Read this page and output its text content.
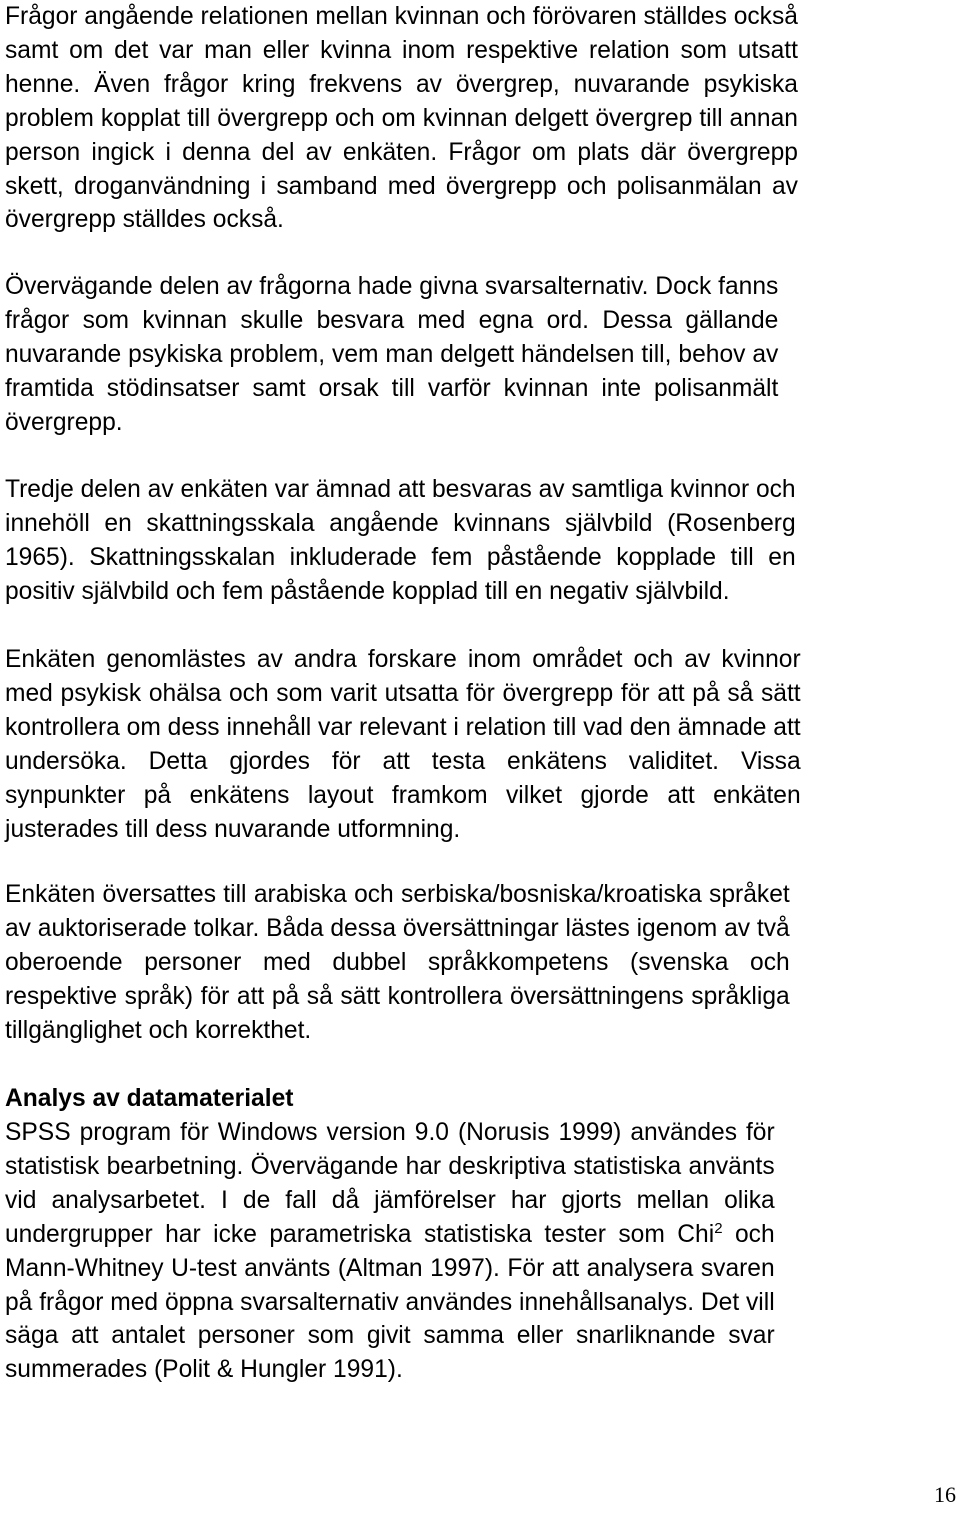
Frågor angående relationen mellan kvinnan och förövaren ställdes också
samt om det var man eller kvinna inom respektive relation som utsatt
henne. Även frågor kring frekvens av övergrep, nuvarande psykiska
problem kopplat till övergrepp och om kvinnan delgett övergrep till annan
person ingick i denna del av enkäten. Frågor om plats där övergrepp
skett, droganvändning i samband med övergrepp och polisanmälan av
övergrepp ställdes också.

Övervägande delen av frågorna hade givna svarsalternativ. Dock fanns
frågor som kvinnan skulle besvara med egna ord. Dessa gällande
nuvarande psykiska problem, vem man delgett händelsen till, behov av
framtida stödinsatser samt orsak till varför kvinnan inte polisanmält
övergrepp.

Tredje delen av enkäten var ämnad att besvaras av samtliga kvinnor och
innehöll en skattningsskala angående kvinnans självbild (Rosenberg
1965). Skattningsskalan inkluderade fem påstående kopplade till en
positiv självbild och fem påstående kopplad till en negativ självbild.

Enkäten genomlästes av andra forskare inom området och av kvinnor
med psykisk ohälsa och som varit utsatta för övergrepp för att på så sätt
kontrollera om dess innehåll var relevant i relation till vad den ämnade att
undersöka. Detta gjordes för att testa enkätens validitet. Vissa
synpunkter på enkätens layout framkom vilket gjorde att enkäten
justerades till dess nuvarande utformning.

Enkäten översattes till arabiska och serbiska/bosniska/kroatiska språket
av auktoriserade tolkar. Båda dessa översättningar lästes igenom av två
oberoende personer med dubbel språkkompetens (svenska och
respektive språk) för att på så sätt kontrollera översättningens språkliga
tillgänglighet och korrekthet.

Analys av datamaterialet

SPSS program för Windows version 9.0 (Norusis 1999) användes för
statistisk bearbetning. Övervägande har deskriptiva statistiska använts
vid analysarbetet. I de fall då jämförelser har gjorts mellan olika
undergrupper har icke parametriska statistiska tester som Chi$^2$ och
Mann-Whitney U-test använts (Altman 1997). För att analysera svaren
på frågor med öppna svarsalternativ användes innehållsanalys. Det vill
säga att antalet personer som givit samma eller snarliknande svar
summerades (Polit & Hungler 1991).

16
